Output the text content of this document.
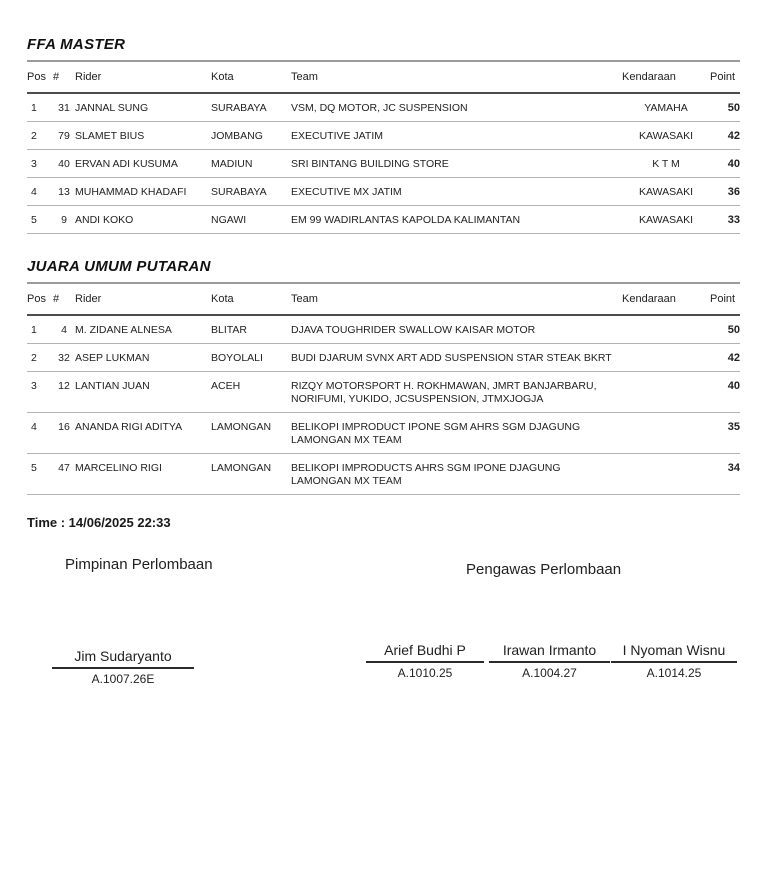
FFA MASTER
Pos	#	Rider	Kota	Team	Kendaraan	Point
1	31	JANNAL SUNG	SURABAYA	VSM, DQ MOTOR, JC SUSPENSION	YAMAHA	50
2	79	SLAMET BIUS	JOMBANG	EXECUTIVE JATIM	KAWASAKI	42
3	40	ERVAN ADI KUSUMA	MADIUN	SRI BINTANG BUILDING STORE	K T M	40
4	13	MUHAMMAD KHADAFI	SURABAYA	EXECUTIVE MX JATIM	KAWASAKI	36
5	9	ANDI KOKO	NGAWI	EM 99 WADIRLANTAS KAPOLDA KALIMANTAN	KAWASAKI	33
JUARA UMUM PUTARAN
Pos	#	Rider	Kota	Team	Kendaraan	Point
1	4	M. ZIDANE ALNESA	BLITAR	DJAVA TOUGHRIDER SWALLOW KAISAR MOTOR		50
2	32	ASEP LUKMAN	BOYOLALI	BUDI DJARUM SVNX ART ADD SUSPENSION STAR STEAK BKRT		42
3	12	LANTIAN JUAN	ACEH	RIZQY MOTORSPORT H. ROKHMAWAN, JMRT BANJARBARU, NORIFUMI, YUKIDO, JCSUSPENSION, JTMXJOGJA		40
4	16	ANANDA RIGI ADITYA	LAMONGAN	BELIKOPI IMPRODUCT IPONE SGM AHRS SGM DJAGUNG LAMONGAN MX TEAM		35
5	47	MARCELINO RIGI	LAMONGAN	BELIKOPI IMPRODUCTS AHRS SGM IPONE DJAGUNG LAMONGAN MX TEAM		34
Time : 14/06/2025 22:33
Pimpinan Perlombaan	Pengawas Perlombaan
Jim Sudaryanto
A.1007.26E
Arief Budhi P
A.1010.25
Irawan Irmanto
A.1004.27
I Nyoman Wisnu
A.1014.25
